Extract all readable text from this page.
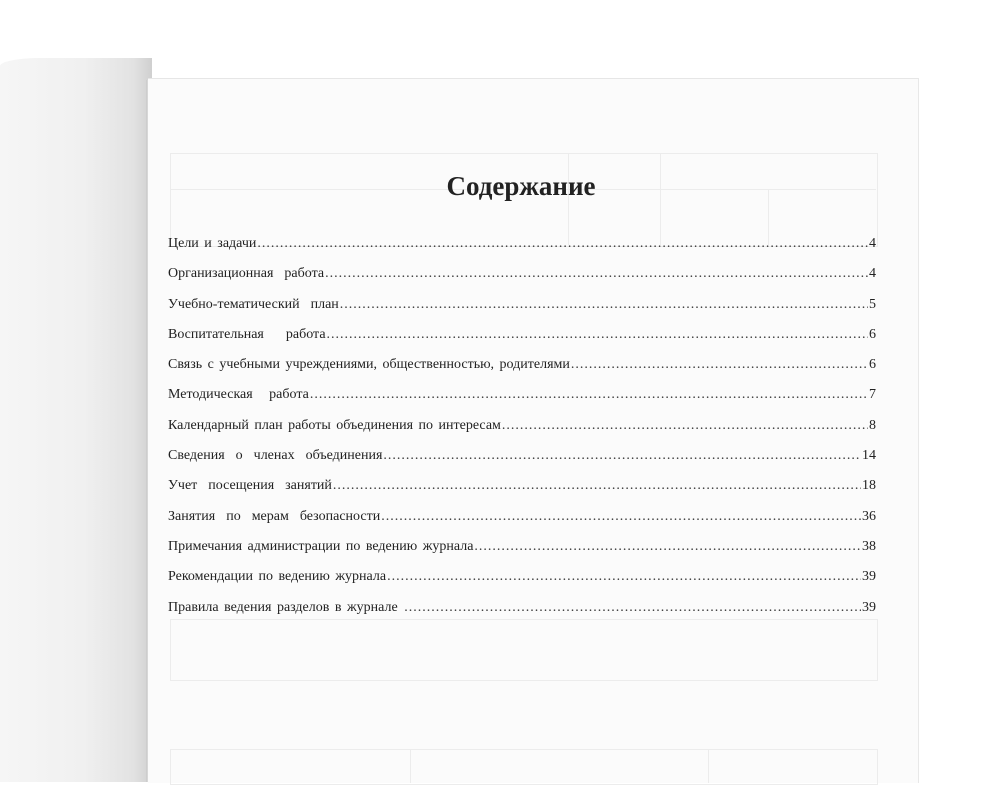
Содержание
Цели и задачи .....	4
Организационная  работа .....	4
Учебно-тематический  план .....	5
Воспитательная    работа .....	6
Связь с учебными учреждениями, общественностью, родителями .....	6
Методическая   работа .....	7
Календарный план работы объединения по интересам .....	8
Сведения  о  членах  объединения .....	14
Учет  посещения  занятий .....	18
Занятия  по  мерам  безопасности .....	36
Примечания администрации по ведению журнала .....	38
Рекомендации по ведению журнала .....	39
Правила ведения разделов в журнале .....	39
